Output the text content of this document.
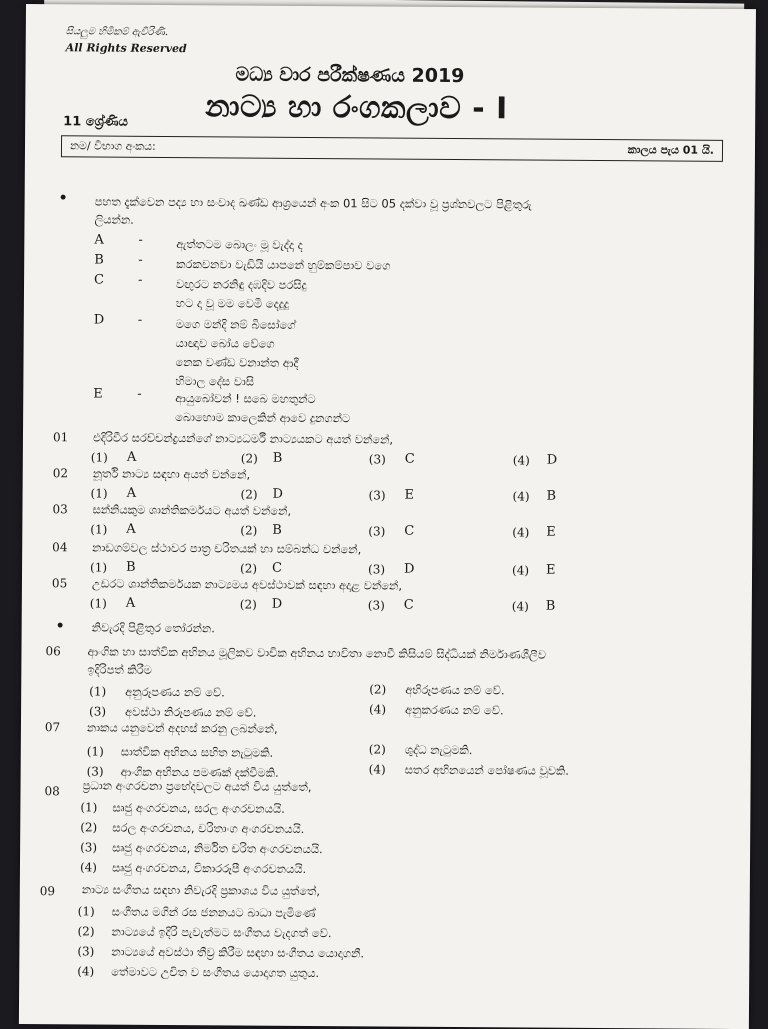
සියලුම හිමිකම් ඇවිරිණි.
All Rights Reserved
මධ්‍ය වාර පරීක්ෂණය 2019
නාට්‍ය හා රංගකලාව - I
11 ශ්‍රේණිය
නම/ විභාග අංකය:	කාලය පැය 01 යි.
• පහත දැක්වෙන පද්‍ය හා සංවාද ඛණ්ඩ ආශ්‍රයෙන් අංක 01 සිට 05 දක්වා වූ ප්‍රශ්නවලට පිළිතුරු
ලියන්න.
A	-	ඇත්තටම බොලං මූ වැද්දා ද
B	-	කරකවනවා වැඩියි යාපනේ හුම්කම්පාව වගෙ
C	-	වඟුරට නරනිඳු දඹදිව පරසිදු
හට දා වූ මම වෙමි දෙදුදු
D	-	මගෙ මන්දි නම් බිසෝගේ
යාඥාව බෝය වේගෙ
නෙක වණ්ඩ වනාන්ත ආදී
හිමාල දේස වාසි
E	-	ආයුබෝවන් ! සබෙ මහතුන්ට
බොහොම කාලෙකින් ආවෙ දුනගන්ට
01 එදිරිවීර සරච්චන්ද්‍රයන්ගේ නාට්‍යධර්මී නාට්‍යයකට අයත් වන්නේ,
(1) A	(2) B	(3) C	(4) D
02 නූර්ති නාට්‍ය සඳහා අයත් වන්නේ,
(1) A	(2) D	(3) E	(4) B
03 සන්නියකුම ශාන්තිකර්මයට අයත් වන්නේ,
(1) A	(2) B	(3) C	(4) E
04 නාඩගම්වල ස්ථාවර පාත්‍ර චරිතයක් හා සම්බන්ධ වන්නේ,
(1) B	(2) C	(3) D	(4) E
05 උඩරට ශාන්තිකර්මයක නාට්‍යමය අවස්ථාවක් සඳහා අදාළ වන්නේ,
(1) A	(2) D	(3) C	(4) B
• නිවැරදි පිළිතුර තෝරන්න.
06 ආංගික හා සාත්වික අභිනය මූලිකව වාචික අභිනය භාවිතා නොවී කිසියම් සිද්ධියක් නිර්මාණශීලීව
ඉදිරිපත් කිරීම
(1) අනුරූපණය නම් වේ.	(2) අභිරූපණය නම් වේ.
(3) අවස්ථා නිරූපණය නම් වේ.	(4) අනුකරණය නම් වේ.
07 නාකය යනුවෙන් අදහස් කරනු ලබන්නේ,
(1) සාත්වික අභිනය සහිත නැටුමකි.	(2) ශුද්ධ නැටුමකි.
(3) ආංගික අභිනය පමණක් දක්වීමකි.	(4) සතර අභිනයෙන් පෝෂණය වූවකි.
08 ප්‍රධාන අංගරචනා ප්‍රභේදවලට අයත් විය යුත්තේ,
(1) සෘජු අංගරචනය, සරල අංගරචනයයි.
(2) සරල අංගරචනය, චරිතාංග අංගරචනයයි.
(3) සෘජු අංගරචනය, නිර්මිත චරිත අංගරචනයයි.
(4) සෘජු අංගරචනය, විකාරරූපී අංගරචනයයි.
09 නාට්‍ය සංගීතය සඳහා නිවැරදි ප්‍රකාශය විය යුත්තේ,
(1) සංගීතය මගින් රස ජනනයට බාධා පැමිණේ
(2) නාට්‍යයේ ඉදිරි පැවැත්මට සංගීතය වැදගත් වේ.
(3) නාට්‍යයේ අවස්ථා තීව්‍ර කිරීම සඳහා සංගීතය යොදාගනී.
(4) තේමාවට උචිත ව සංගීතය යොදාගත යුතුය.
